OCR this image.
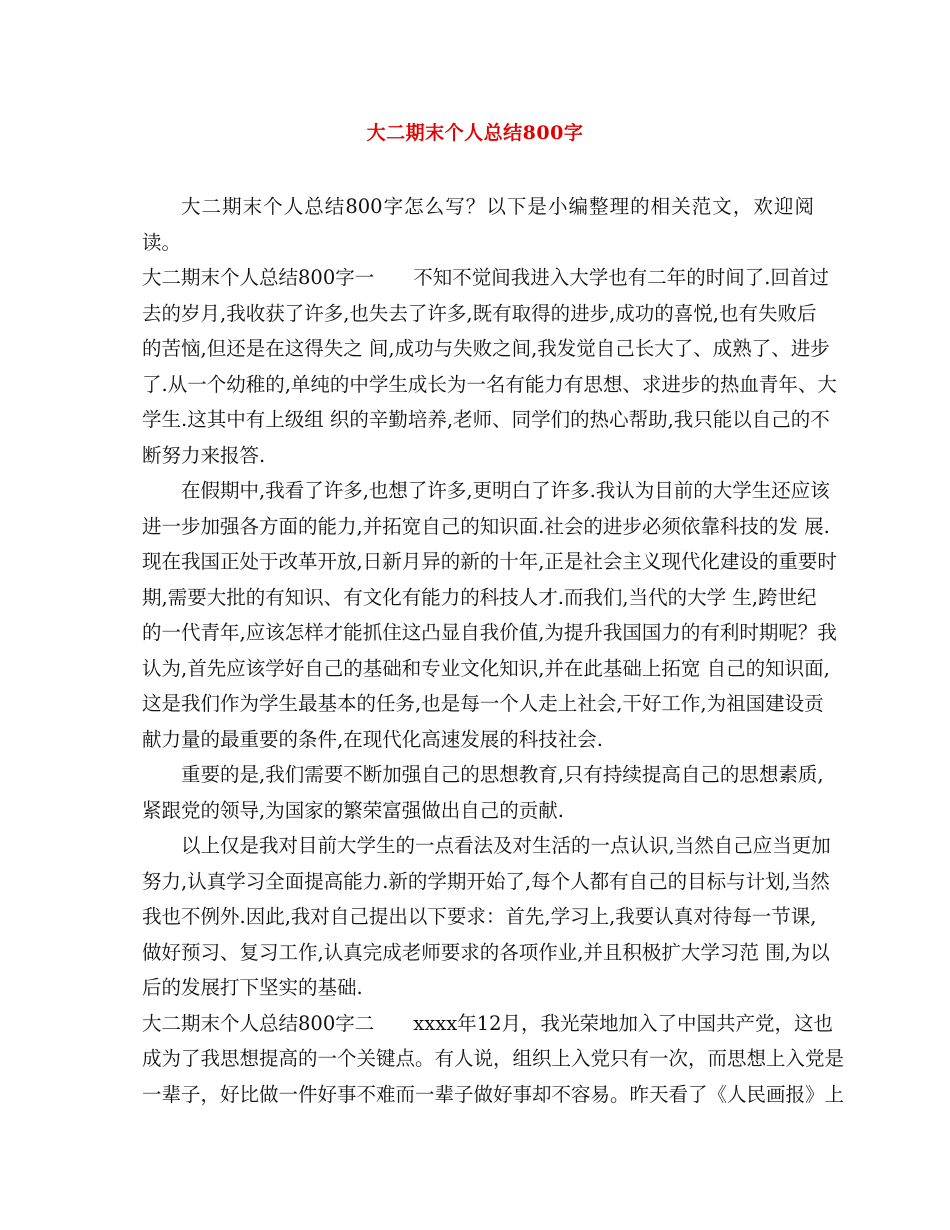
大二期末个人总结800字

大二期末个人总结800字怎么写？以下是小编整理的相关范文，欢迎阅读。

大二期末个人总结800字一　　不知不觉间我进入大学也有二年的时间了.回首过
去的岁月,我收获了许多,也失去了许多,既有取得的进步,成功的喜悦,也有失败后
的苦恼,但还是在这得失之 间,成功与失败之间,我发觉自己长大了、成熟了、进步
了.从一个幼稚的,单纯的中学生成长为一名有能力有思想、求进步的热血青年、大
学生.这其中有上级组 织的辛勤培养,老师、同学们的热心帮助,我只能以自己的不
断努力来报答.

在假期中,我看了许多,也想了许多,更明白了许多.我认为目前的大学生还应该
进一步加强各方面的能力,并拓宽自己的知识面.社会的进步必须依靠科技的发 展.
现在我国正处于改革开放,日新月异的新的十年,正是社会主义现代化建设的重要时
期,需要大批的有知识、有文化有能力的科技人才.而我们,当代的大学 生,跨世纪
的一代青年,应该怎样才能抓住这凸显自我价值,为提升我国国力的有利时期呢？我
认为,首先应该学好自己的基础和专业文化知识,并在此基础上拓宽 自己的知识面,
这是我们作为学生最基本的任务,也是每一个人走上社会,干好工作,为祖国建设贡
献力量的最重要的条件,在现代化高速发展的科技社会.

重要的是,我们需要不断加强自己的思想教育,只有持续提高自己的思想素质,
紧跟党的领导,为国家的繁荣富强做出自己的贡献.

以上仅是我对目前大学生的一点看法及对生活的一点认识,当然自己应当更加
努力,认真学习全面提高能力.新的学期开始了,每个人都有自己的目标与计划,当然
我也不例外.因此,我对自己提出以下要求：首先,学习上,我要认真对待每一节课,
做好预习、复习工作,认真完成老师要求的各项作业,并且积极扩大学习范 围,为以
后的发展打下坚实的基础.

大二期末个人总结800字二　　xxxx年12月，我光荣地加入了中国共产党，这也
成为了我思想提高的一个关键点。有人说，组织上入党只有一次，而思想上入党是
一辈子，好比做一件好事不难而一辈子做好事却不容易。昨天看了《人民画报》上
